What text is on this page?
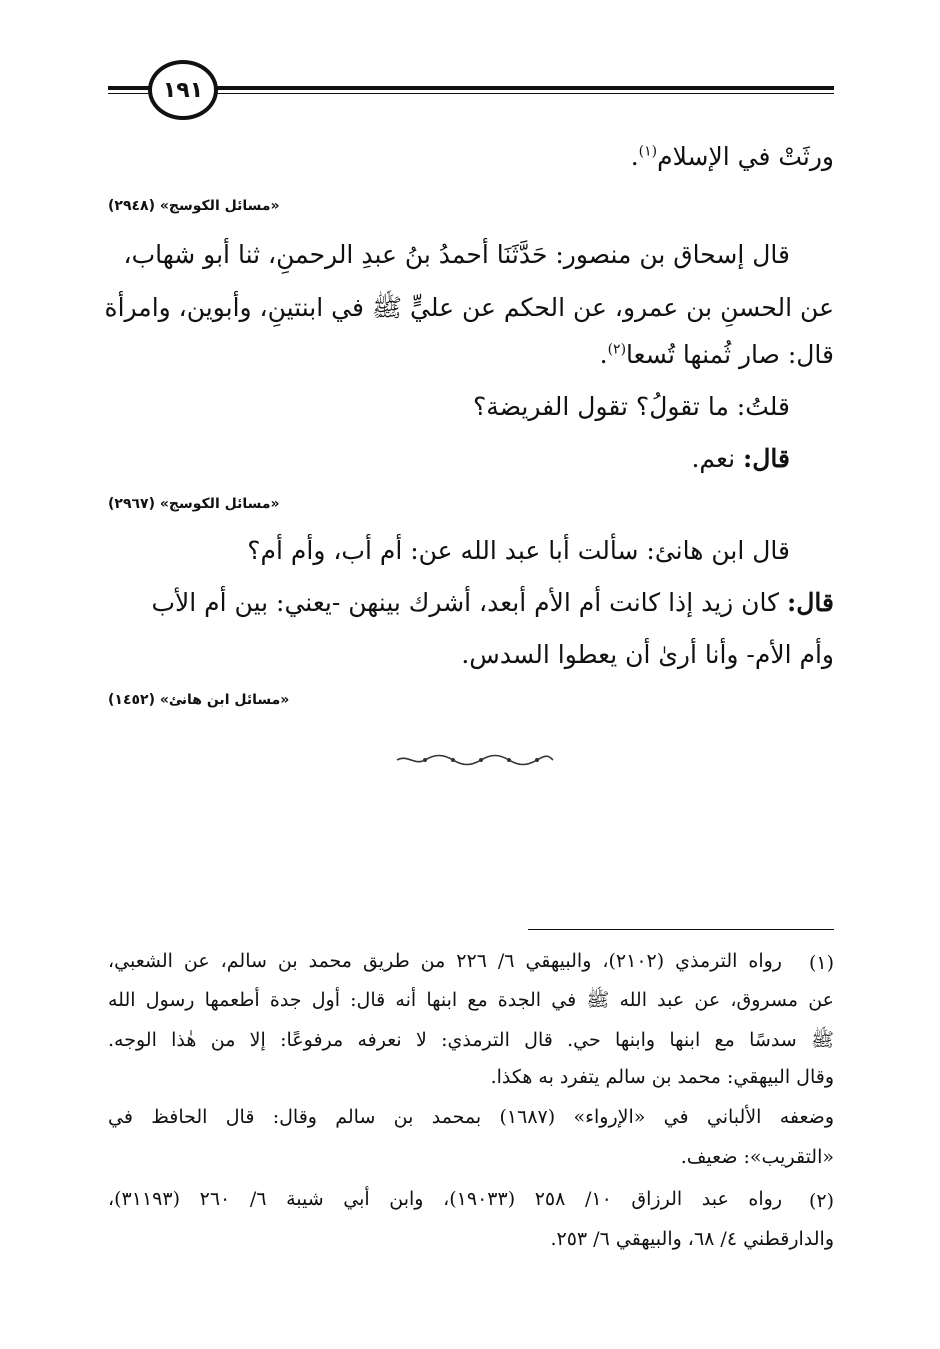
١٩١
ورثَتْ في الإسلام$^{(١)}$.
«مسائل الكوسج» (٢٩٤٨)
قال إسحاق بن منصور: حَدَّثَنَا أحمدُ بنُ عبدِ الرحمنِ، ثنا أبو شهاب،
عن الحسنِ بن عمرو، عن الحكم عن عليٍّ ﷺ في ابنتينِ، وأبوين، وامرأة
قال: صار ثُمنها تُسعا$^{(٢)}$.
قلتُ: ما تقولُ؟ تقول الفريضة؟
قال: نعم.
«مسائل الكوسج» (٢٩٦٧)
قال ابن هانئ: سألت أبا عبد الله عن: أم أب، وأم أم؟
قال: كان زيد إذا كانت أم الأم أبعد، أشرك بينهن -يعني: بين أم الأب
وأم الأم- وأنا أرىٰ أن يعطوا السدس.
«مسائل ابن هانئ» (١٤٥٢)
(١)
رواه الترمذي (٢١٠٢)، والبيهقي ٦/ ٢٢٦ من طريق محمد بن سالم، عن الشعبي،
عن مسروق، عن عبد الله ﷺ في الجدة مع ابنها أنه قال: أول جدة أطعمها رسول الله
ﷺ سدسًا مع ابنها وابنها حي. قال الترمذي: لا نعرفه مرفوعًا: إلا من هٰذا الوجه.
وقال البيهقي: محمد بن سالم يتفرد به هكذا.
وضعفه الألباني في «الإرواء» (١٦٨٧) بمحمد بن سالم وقال: قال الحافظ في
«التقريب»: ضعيف.
(٢)
رواه عبد الرزاق ١٠/ ٢٥٨ (١٩٠٣٣)، وابن أبي شيبة ٦/ ٢٦٠ (٣١١٩٣)،
والدارقطني ٤/ ٦٨، والبيهقي ٦/ ٢٥٣.
